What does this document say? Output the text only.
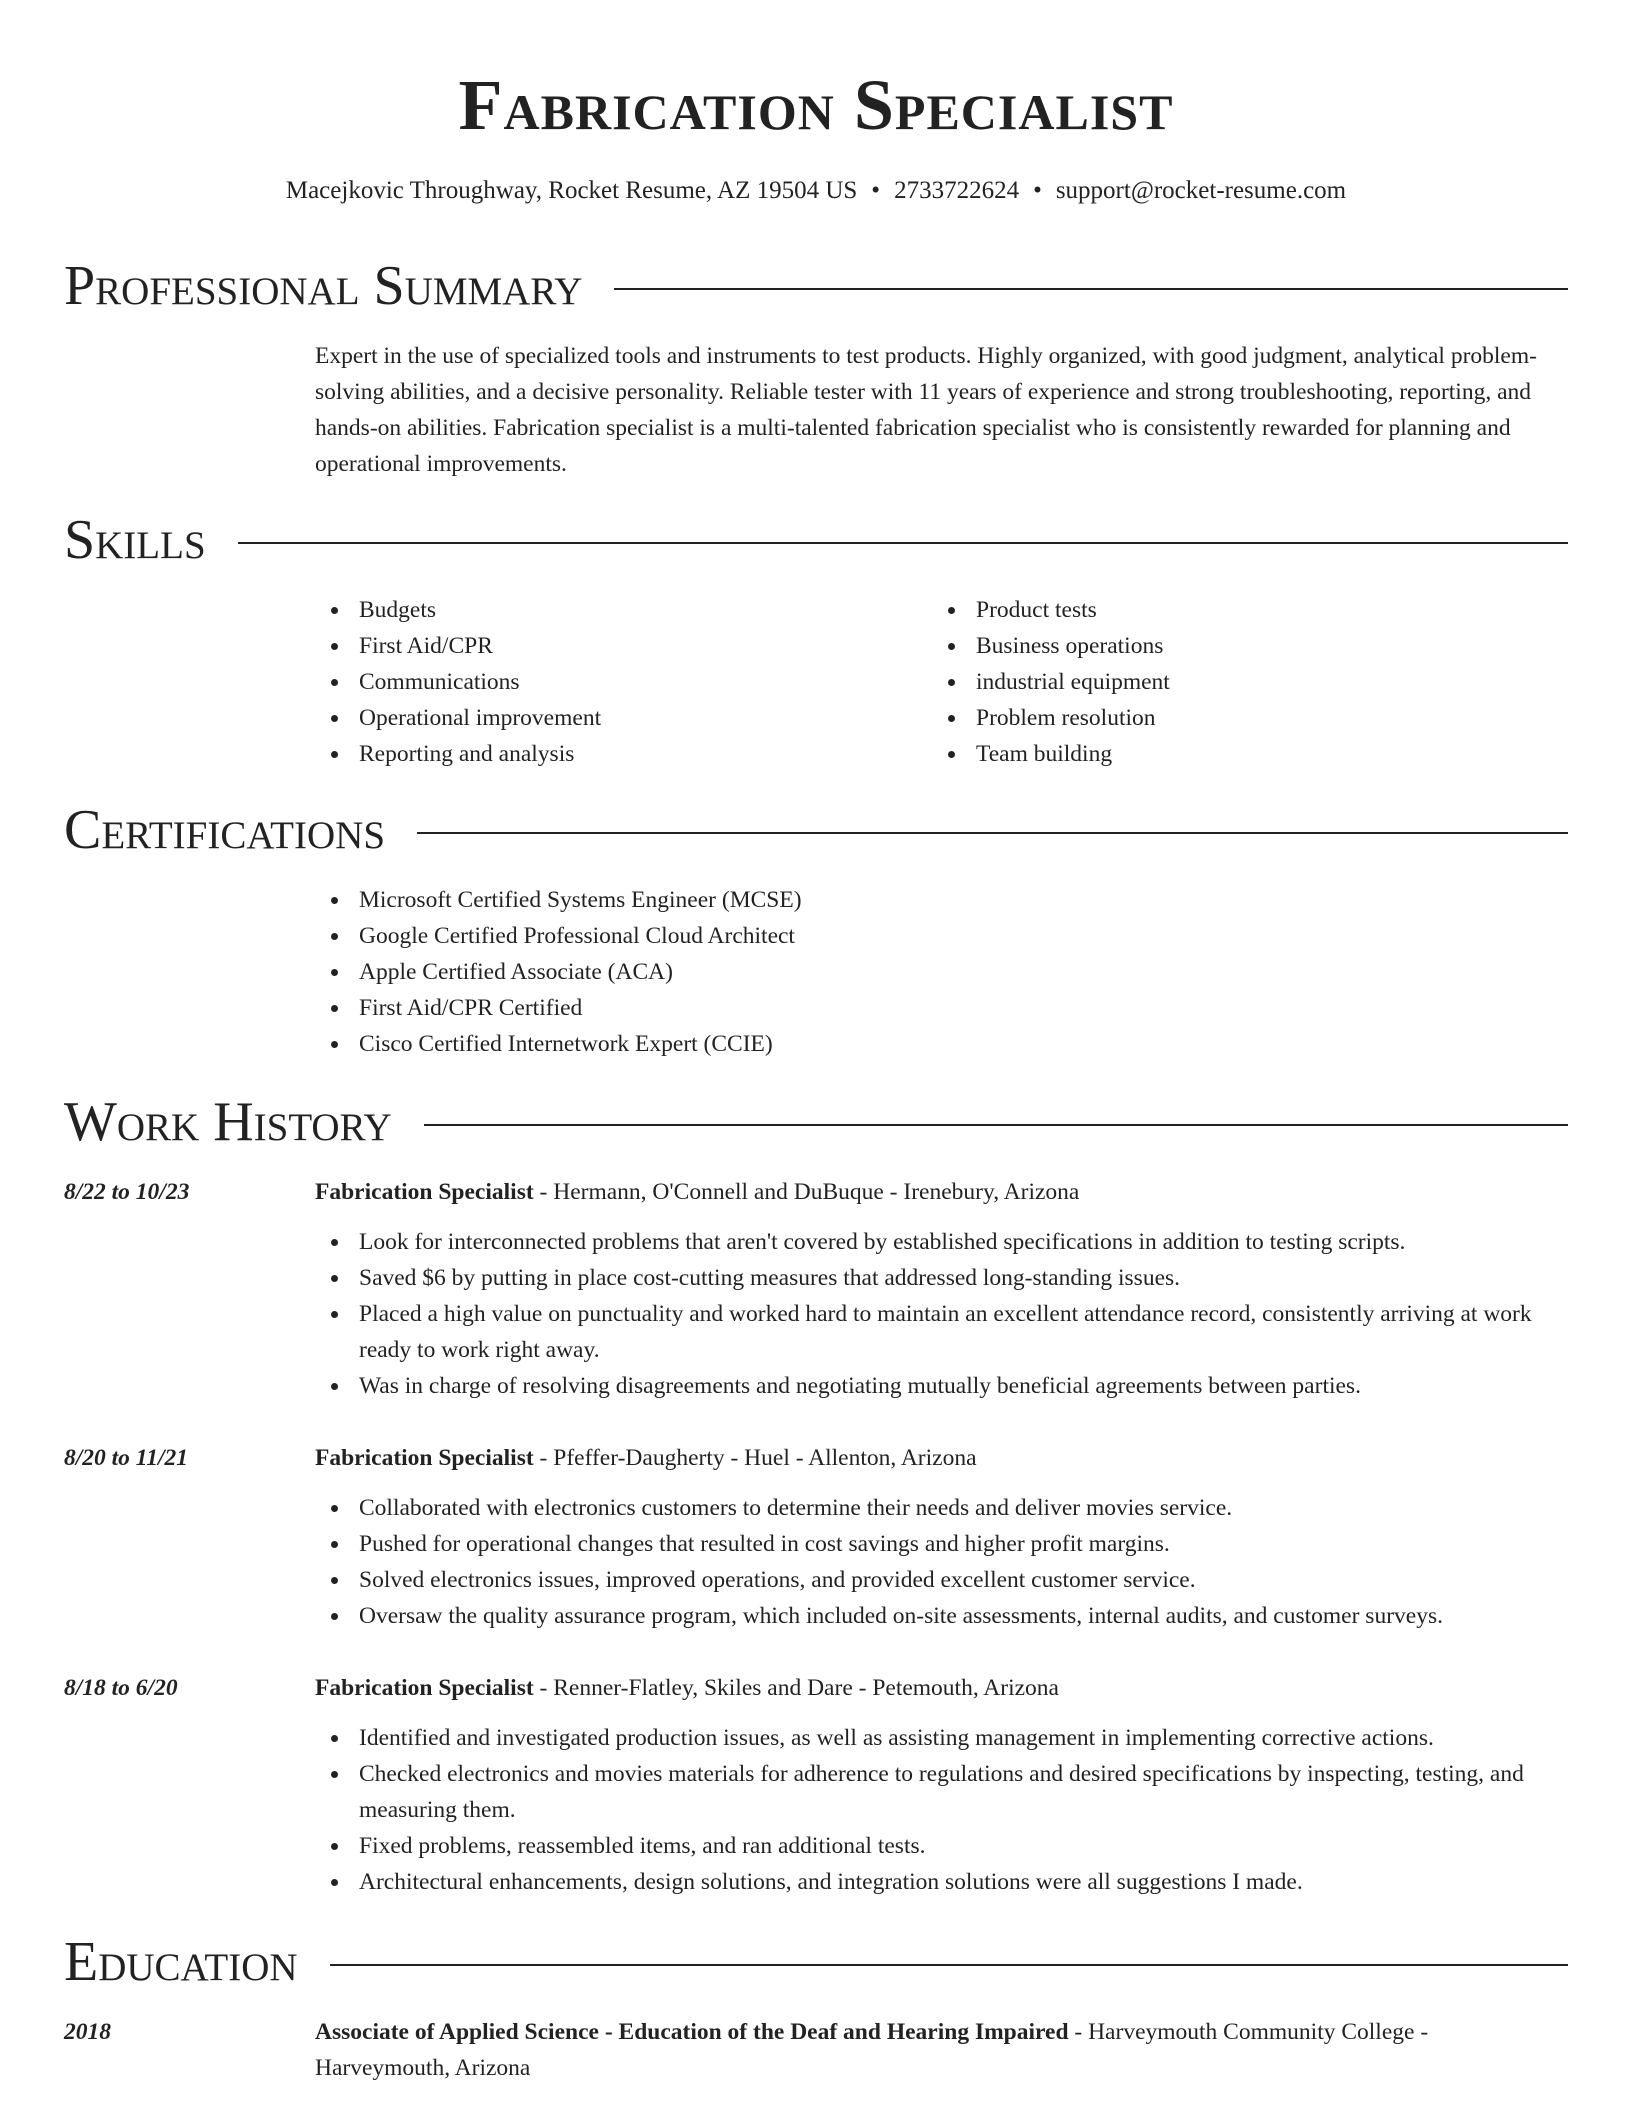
Fabrication Specialist
Macejkovic Throughway, Rocket Resume, AZ 19504 US • 2733722624 • support@rocket-resume.com
Professional Summary

Expert in the use of specialized tools and instruments to test products. Highly organized, with good judgment, analytical problem-solving abilities, and a decisive personality. Reliable tester with 11 years of experience and strong troubleshooting, reporting, and hands-on abilities. Fabrication specialist is a multi-talented fabrication specialist who is consistently rewarded for planning and operational improvements.

Skills
Budgets
First Aid/CPR
Communications
Operational improvement
Reporting and analysis
Product tests
Business operations
industrial equipment
Problem resolution
Team building
Certifications
Microsoft Certified Systems Engineer (MCSE)
Google Certified Professional Cloud Architect
Apple Certified Associate (ACA)
First Aid/CPR Certified
Cisco Certified Internetwork Expert (CCIE)
Work History
8/22 to 10/23	Fabrication Specialist - Hermann, O'Connell and DuBuque - Irenebury, Arizona
Look for interconnected problems that aren't covered by established specifications in addition to testing scripts.
Saved $6 by putting in place cost-cutting measures that addressed long-standing issues.
Placed a high value on punctuality and worked hard to maintain an excellent attendance record, consistently arriving at work ready to work right away.
Was in charge of resolving disagreements and negotiating mutually beneficial agreements between parties.
8/20 to 11/21	Fabrication Specialist - Pfeffer-Daugherty - Huel - Allenton, Arizona
Collaborated with electronics customers to determine their needs and deliver movies service.
Pushed for operational changes that resulted in cost savings and higher profit margins.
Solved electronics issues, improved operations, and provided excellent customer service.
Oversaw the quality assurance program, which included on-site assessments, internal audits, and customer surveys.
8/18 to 6/20	Fabrication Specialist - Renner-Flatley, Skiles and Dare - Petemouth, Arizona
Identified and investigated production issues, as well as assisting management in implementing corrective actions.
Checked electronics and movies materials for adherence to regulations and desired specifications by inspecting, testing, and measuring them.
Fixed problems, reassembled items, and ran additional tests.
Architectural enhancements, design solutions, and integration solutions were all suggestions I made.
Education
2018	Associate of Applied Science - Education of the Deaf and Hearing Impaired - Harveymouth Community College - Harveymouth, Arizona
